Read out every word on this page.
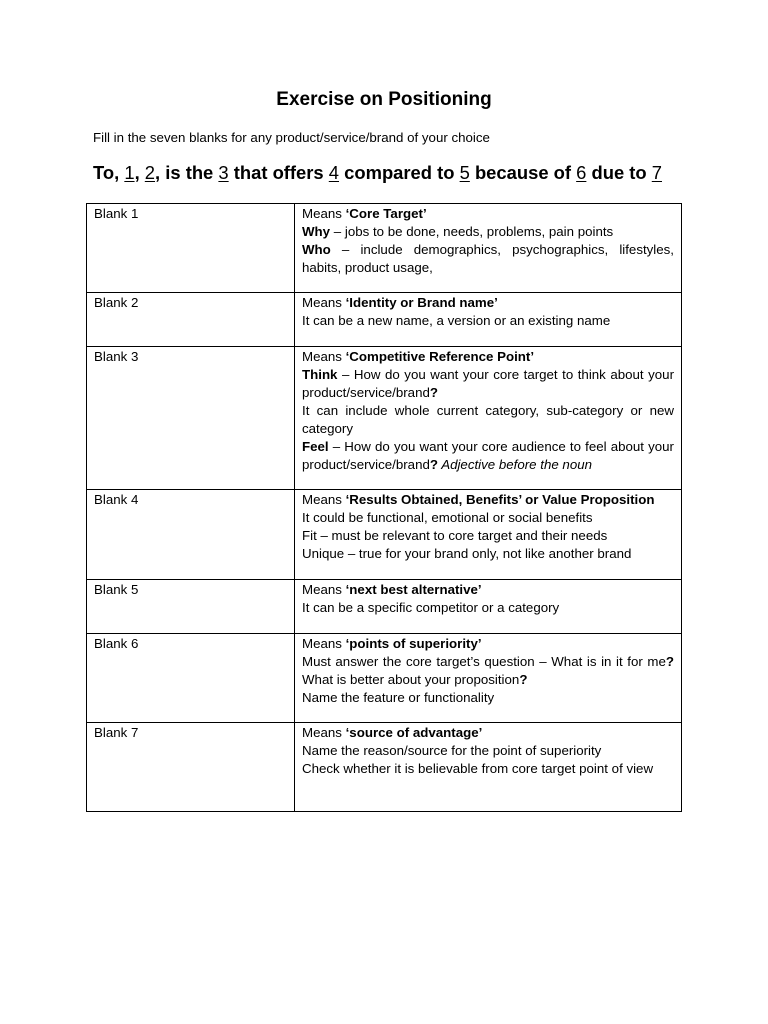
Exercise on Positioning
Fill in the seven blanks for any product/service/brand of your choice
To, 1, 2, is the 3 that offers 4 compared to 5 because of 6 due to 7
Blank 1	Means ‘Core Target’
Why – jobs to be done, needs, problems, pain points
Who – include demographics, psychographics, lifestyles, habits, product usage,

Blank 2	Means ‘Identity or Brand name’
It can be a new name, a version or an existing name

Blank 3	Means ‘Competitive Reference Point’
Think – How do you want your core target to think about your product/service/brand?
It can include whole current category, sub-category or new category
Feel – How do you want your core audience to feel about your product/service/brand? Adjective before the noun

Blank 4	Means ‘Results Obtained, Benefits’ or Value Proposition
It could be functional, emotional or social benefits
Fit – must be relevant to core target and their needs
Unique – true for your brand only, not like another brand

Blank 5	Means ‘next best alternative’
It can be a specific competitor or a category

Blank 6	Means ‘points of superiority’
Must answer the core target’s question – What is in it for me? What is better about your proposition?
Name the feature or functionality

Blank 7	Means ‘source of advantage’
Name the reason/source for the point of superiority
Check whether it is believable from core target point of view
